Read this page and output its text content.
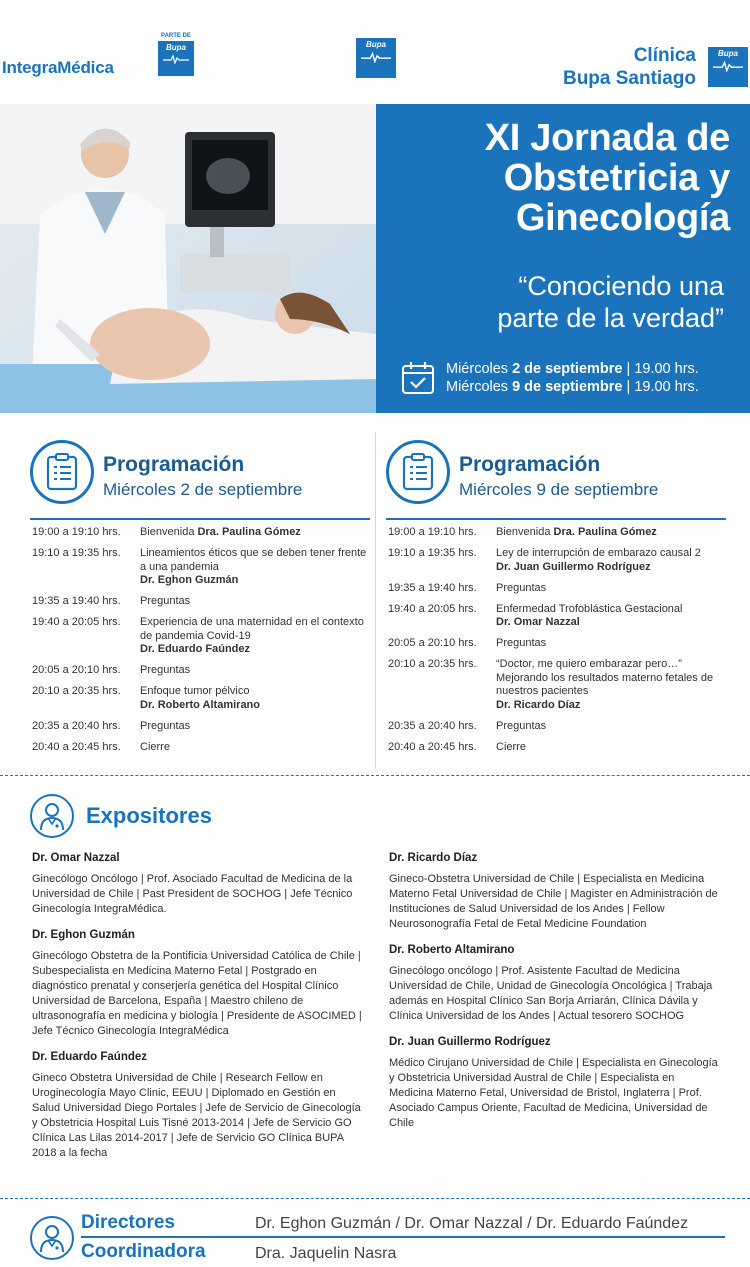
IntegraMédica
PARTE DE
Bupa	Bupa
Clínica
Bupa Santiago
Bupa
XI Jornada de
Obstetricia y
Ginecología
“Conociendo una
parte de la verdad”
Miércoles 2 de septiembre | 19.00 hrs.
Miércoles 9 de septiembre | 19.00 hrs.
Programación
Miércoles 2 de septiembre
19:00 a 19:10 hrs.	Bienvenida Dra. Paulina Gómez
19:10 a 19:35 hrs.	Lineamientos éticos que se deben tener frente a una pandemia
Dr. Eghon Guzmán
19:35 a 19:40 hrs.	Preguntas
19:40 a 20:05 hrs.	Experiencia de una maternidad en el contexto de pandemia Covid-19
Dr. Eduardo Faúndez
20:05 a 20:10 hrs.	Preguntas
20:10 a 20:35 hrs.	Enfoque tumor pélvico
Dr. Roberto Altamirano
20:35 a 20:40 hrs.	Preguntas
20:40 a 20:45 hrs.	Cierre
Programación
Miércoles 9 de septiembre
19:00 a 19:10 hrs.	Bienvenida Dra. Paulina Gómez
19:10 a 19:35 hrs.	Ley de interrupción de embarazo causal 2
Dr. Juan Guillermo Rodríguez
19:35 a 19:40 hrs.	Preguntas
19:40 a 20:05 hrs.	Enfermedad Trofoblástica Gestacional
Dr. Omar Nazzal
20:05 a 20:10 hrs.	Preguntas
20:10 a 20:35 hrs.	“Doctor, me quiero embarazar pero…” Mejorando los resultados materno fetales de nuestros pacientes
Dr. Ricardo Díaz
20:35 a 20:40 hrs.	Preguntas
20:40 a 20:45 hrs.	Cierre
Expositores
Dr. Omar Nazzal
Ginecólogo Oncólogo | Prof. Asociado Facultad de Medicina de la Universidad de Chile | Past President de SOCHOG | Jefe Técnico Ginecología IntegraMédica.
Dr. Eghon Guzmán
Ginecólogo Obstetra de la Pontificia Universidad Católica de Chile | Subespecialista en Medicina Materno Fetal | Postgrado en diagnóstico prenatal y conserjería genética del Hospital Clínico Universidad de Barcelona, España | Maestro chileno de ultrasonografía en medicina y biología | Presidente de ASOCIMED | Jefe Técnico Ginecología IntegraMédica
Dr. Eduardo Faúndez
Gineco Obstetra Universidad de Chile | Research Fellow en Uroginecología Mayo Clinic, EEUU | Diplomado en Gestión en Salud Universidad Diego Portales | Jefe de Servicio de Ginecología y Obstetricia Hospital Luis Tisné 2013-2014 | Jefe de Servicio GO Clínica Las Lilas 2014-2017 | Jefe de Servicio GO Clínica BUPA 2018 a la fecha
Dr. Ricardo Díaz
Gineco-Obstetra Universidad de Chile | Especialista en Medicina Materno Fetal Universidad de Chile | Magister en Administración de Instituciones de Salud Universidad de los Andes | Fellow Neurosonografía Fetal de Fetal Medicine Foundation
Dr. Roberto Altamirano
Ginecólogo oncólogo | Prof. Asistente Facultad de Medicina Universidad de Chile, Unidad de Ginecología Oncológica | Trabaja además en Hospital Clínico San Borja Arriarán, Clínica Dávila y Clínica Universidad de los Andes | Actual tesorero SOCHOG
Dr. Juan Guillermo Rodríguez
Médico Cirujano Universidad de Chile | Especialista en Ginecología y Obstetricia Universidad Austral de Chile | Especialista en Medicina Materno Fetal, Universidad de Bristol, Inglaterra | Prof. Asociado Campus Oriente, Facultad de Medicina, Universidad de Chile
Directores	Dr. Eghon Guzmán / Dr. Omar Nazzal / Dr. Eduardo Faúndez
Coordinadora	Dra. Jaquelin Nasra
